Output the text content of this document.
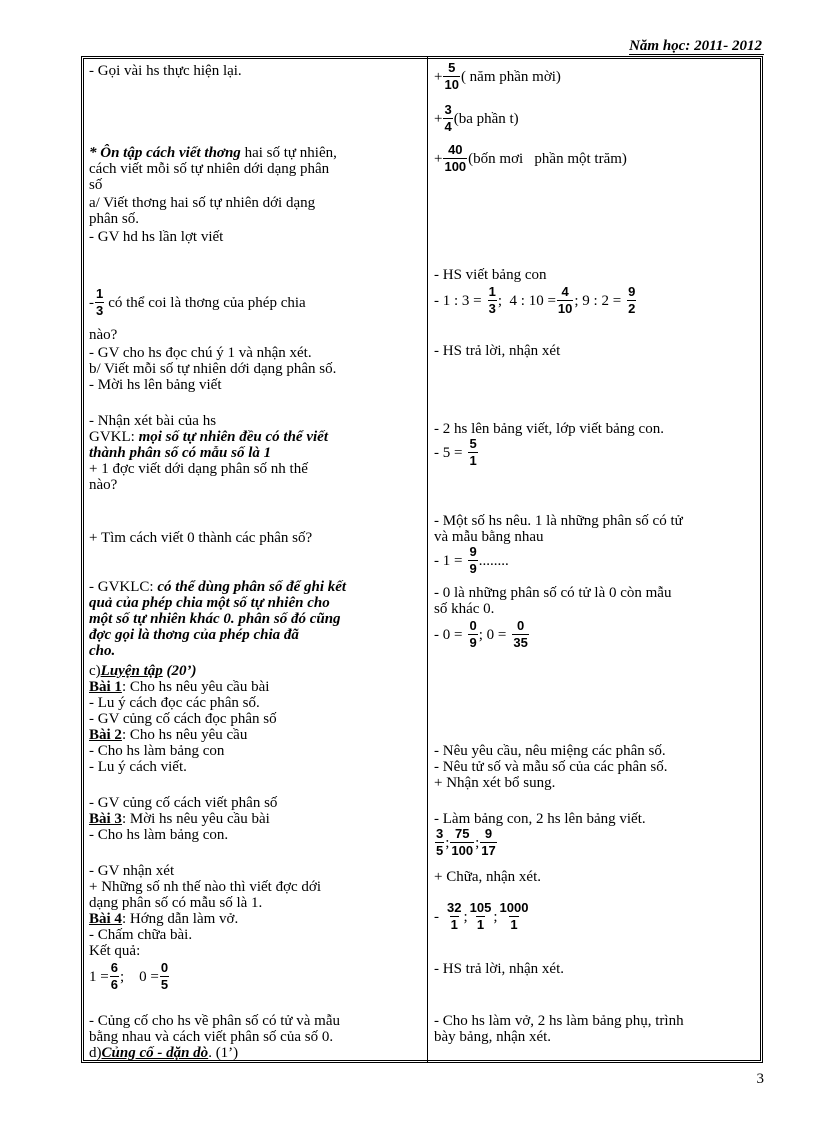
Năm học: 2011- 2012
- Gọi vài hs thực hiện lại.
* Ôn tập cách viết thơng hai số tự nhiên,
cách viết mỗi số tự nhiên dới dạng phân
số
a/ Viết thơng hai số tự nhiên dới dạng
phân số.
- GV hd hs lần lợt viết
- $\frac{1}{3}$ có thể coi là thơng của phép chia
nào?
- GV cho hs đọc chú ý 1 và nhận xét.
b/ Viết mỗi số tự nhiên dới dạng phân số.
- Mời hs lên bảng viết
- Nhận xét bài của hs
GVKL: mọi số tự nhiên đều có thể viết
thành phân số có mẫu số là 1
+ 1 đợc viết dới dạng phân số nh thế
nào?
+ Tìm cách viết 0 thành các phân số?
- GVKLC: có thể dùng phân số để ghi kết
quả của phép chia một số tự nhiên cho
một số tự nhiên khác 0. phân số đó cũng
đợc gọi là thơng của phép chia đã
cho.
c)Luyện tập (20’)
Bài 1: Cho hs nêu yêu cầu bài
- Lu ý cách đọc các phân số.
- GV củng cố cách đọc phân số
Bài 2: Cho hs nêu yêu cầu
- Cho hs làm bảng con
- Lu ý cách viết.
- GV củng cố cách viết phân số
Bài 3: Mời hs nêu yêu cầu bài
- Cho hs làm bảng con.
- GV nhận xét
+ Những số nh thế nào thì viết đợc dới
dạng phân số có mẫu số là 1.
Bài 4: Hớng dẫn làm vở.
- Chấm chữa bài.
Kết quả:
$1 = \frac{6}{6}$ ;    $0 = \frac{0}{5}$
- Củng cố cho hs về phân số có tử và mẫu
bằng nhau và cách viết phân số của số 0.
d)Củng cố - dặn dò. (1’)
+ $\frac{5}{10}$ ( năm phần mời)
+ $\frac{3}{4} (ba$ phần t)
+ $\frac{40}{100}$ (bốn mơi   phần một trăm)
- HS viết bảng con
- 1 : $3 = \frac{1}{3}$ ;  4 : $10 = \frac{4}{10}$ ; 9 : $2 = \frac{9}{2}$
- HS trả lời, nhận xét
- 2 hs lên bảng viết, lớp viết bảng con.
- $5 = \frac{5}{1}$
- Một số hs nêu. 1 là những phân số có tử
và mẫu bằng nhau
- $1 = \frac{9}{9}$ ........
- 0 là những phân số có tử là 0 còn mẫu
số khác 0.
- $0 = \frac{0}{9}$ ; $0 = \frac{0}{35}$
- Nêu yêu cầu, nêu miệng các phân số.
- Nêu tử số và mẫu số của các phân số.
+ Nhận xét bổ sung.
- Làm bảng con, 2 hs lên bảng viết.
$\frac{3}{5}$ ; $\frac{75}{100}$ ; $\frac{9}{17}$
+ Chữa, nhận xét.
- $\frac{32}{1}$ ; $\frac{105}{1}$ ; $\frac{1000}{1}$
- HS trả lời, nhận xét.
- Cho hs làm vở, 2 hs làm bảng phụ, trình
bày bảng, nhận xét.
3
